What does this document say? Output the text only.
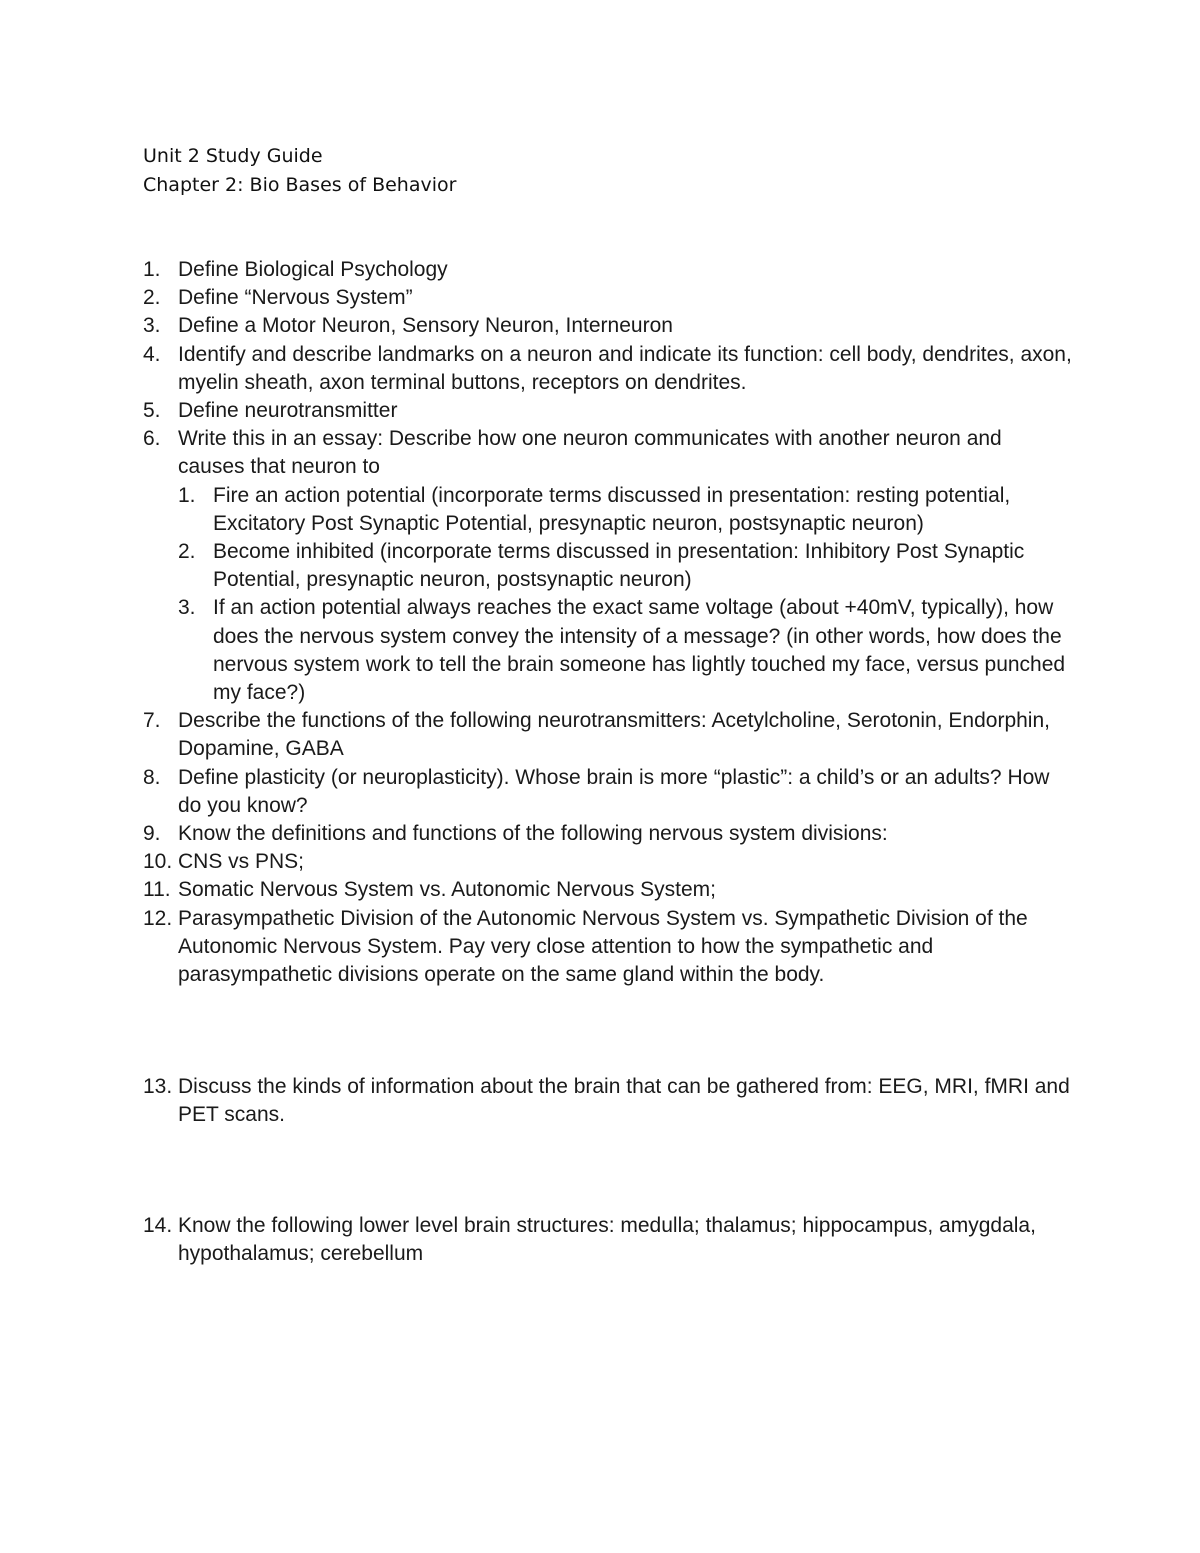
Unit 2 Study Guide
Chapter 2: Bio Bases of Behavior
1. Define Biological Psychology
2. Define “Nervous System”
3. Define a Motor Neuron, Sensory Neuron, Interneuron
4. Identify and describe landmarks on a neuron and indicate its function: cell body, dendrites, axon, myelin sheath, axon terminal buttons, receptors on dendrites.
5. Define neurotransmitter
6. Write this in an essay: Describe how one neuron communicates with another neuron and causes that neuron to
1. Fire an action potential (incorporate terms discussed in presentation: resting potential, Excitatory Post Synaptic Potential, presynaptic neuron, postsynaptic neuron)
2. Become inhibited (incorporate terms discussed in presentation: Inhibitory Post Synaptic Potential, presynaptic neuron, postsynaptic neuron)
3. If an action potential always reaches the exact same voltage (about +40mV, typically), how does the nervous system convey the intensity of a message? (in other words, how does the nervous system work to tell the brain someone has lightly touched my face, versus punched my face?)
7. Describe the functions of the following neurotransmitters: Acetylcholine, Serotonin, Endorphin, Dopamine, GABA
8. Define plasticity (or neuroplasticity). Whose brain is more “plastic”: a child’s or an adults? How do you know?
9. Know the definitions and functions of the following nervous system divisions:
10. CNS vs PNS;
11. Somatic Nervous System vs. Autonomic Nervous System;
12. Parasympathetic Division of the Autonomic Nervous System vs. Sympathetic Division of the Autonomic Nervous System. Pay very close attention to how the sympathetic and parasympathetic divisions operate on the same gland within the body.
13. Discuss the kinds of information about the brain that can be gathered from: EEG, MRI, fMRI and PET scans.
14. Know the following lower level brain structures: medulla; thalamus; hippocampus, amygdala, hypothalamus; cerebellum
